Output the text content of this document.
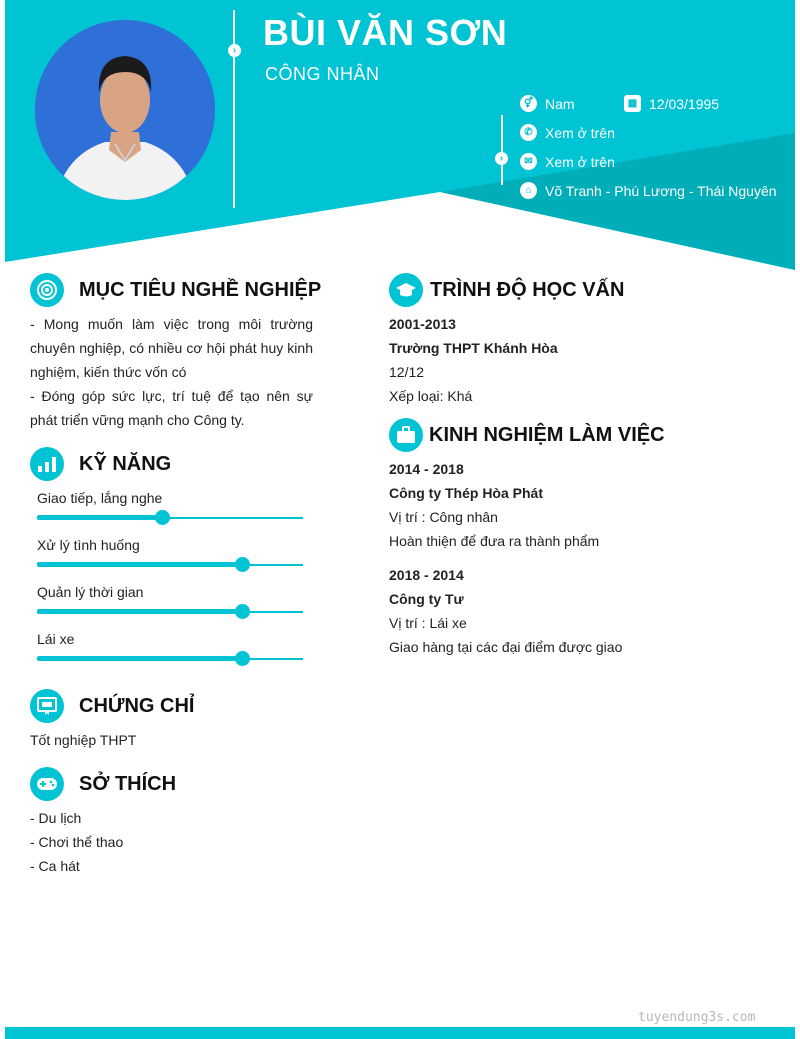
› BÙI VĂN SƠN
CÔNG NHÂN
›
⚥ Nam	▦ 12/03/1995
✆ Xem ở trên
✉ Xem ở trên
⌂ Võ Tranh - Phú Lương - Thái Nguyên
MỤC TIÊU NGHỀ NGHIỆP
- Mong muốn làm việc trong môi trường chuyên nghiệp, có nhiều cơ hội phát huy kinh nghiệm, kiến thức vốn có
- Đóng góp sức lực, trí tuệ để tạo nên sự phát triển vững mạnh cho Công ty.
KỸ NĂNG
Giao tiếp, lắng nghe
Xử lý tình huống
Quản lý thời gian
Lái xe
CHỨNG CHỈ
Tốt nghiệp THPT
SỞ THÍCH
- Du lịch
- Chơi thể thao
- Ca hát
TRÌNH ĐỘ HỌC VẤN
2001-2013
Trường THPT Khánh Hòa
12/12
Xếp loại: Khá
KINH NGHIỆM LÀM VIỆC
2014 - 2018
Công ty Thép Hòa Phát
Vị trí : Công nhân
Hoàn thiện để đưa ra thành phẩm
2018 - 2014
Công ty Tư
Vị trí : Lái xe
Giao hàng tại các đại điểm được giao
tuyendung3s.com
